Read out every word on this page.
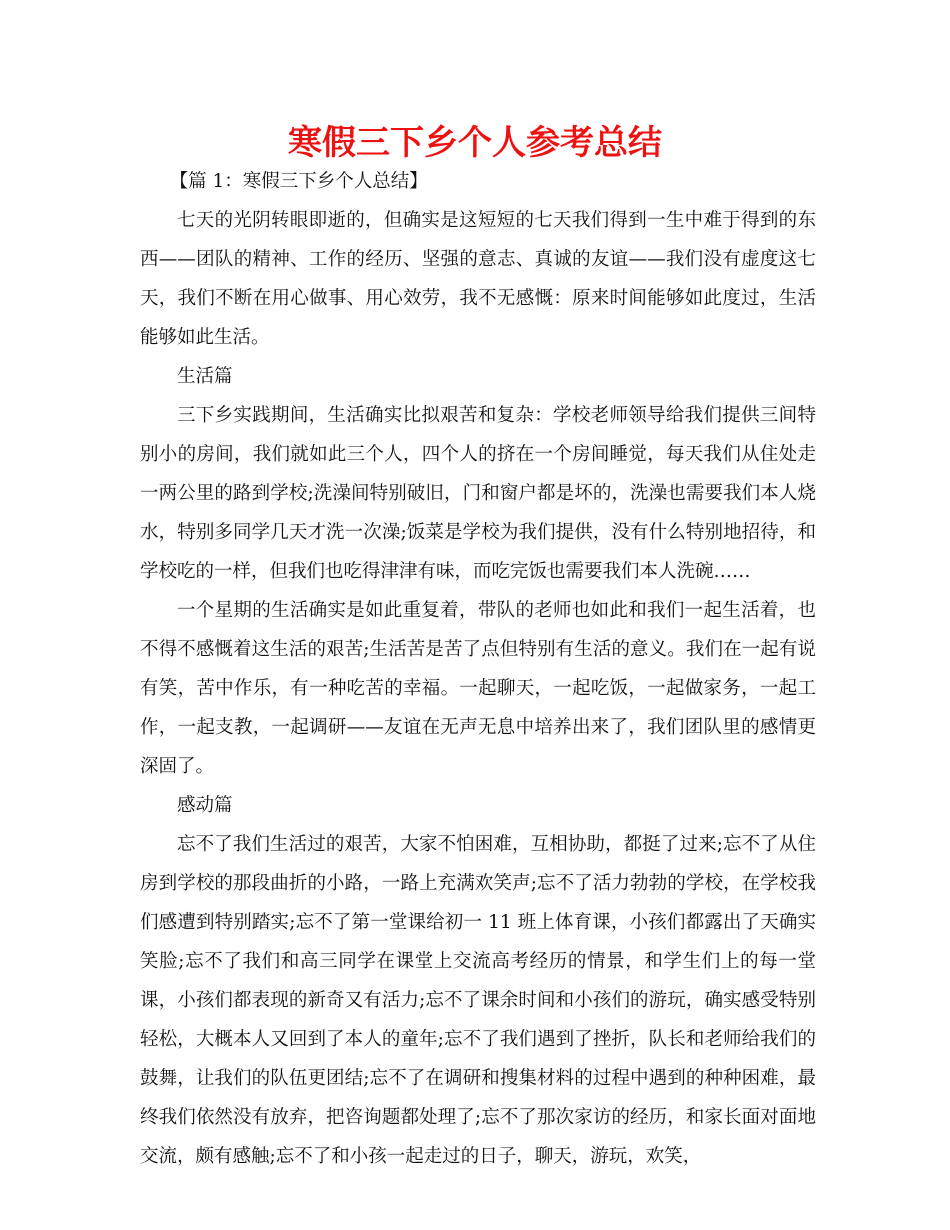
寒假三下乡个人参考总结

【篇 1：寒假三下乡个人总结】

七天的光阴转眼即逝的，但确实是这短短的七天我们得到一生中难于得到的东西——团队的精神、工作的经历、坚强的意志、真诚的友谊——我们没有虚度这七天，我们不断在用心做事、用心效劳，我不无感慨：原来时间能够如此度过，生活能够如此生活。

生活篇

三下乡实践期间，生活确实比拟艰苦和复杂：学校老师领导给我们提供三间特别小的房间，我们就如此三个人，四个人的挤在一个房间睡觉，每天我们从住处走一两公里的路到学校;洗澡间特别破旧，门和窗户都是坏的，洗澡也需要我们本人烧水，特别多同学几天才洗一次澡;饭菜是学校为我们提供，没有什么特别地招待，和学校吃的一样，但我们也吃得津津有味，而吃完饭也需要我们本人洗碗……

一个星期的生活确实是如此重复着，带队的老师也如此和我们一起生活着，也不得不感慨着这生活的艰苦;生活苦是苦了点但特别有生活的意义。我们在一起有说有笑，苦中作乐，有一种吃苦的幸福。一起聊天，一起吃饭，一起做家务，一起工作，一起支教，一起调研——友谊在无声无息中培养出来了，我们团队里的感情更深固了。

感动篇

忘不了我们生活过的艰苦，大家不怕困难，互相协助，都挺了过来;忘不了从住房到学校的那段曲折的小路，一路上充满欢笑声;忘不了活力勃勃的学校，在学校我们感遭到特别踏实;忘不了第一堂课给初一 11 班上体育课，小孩们都露出了天确实笑脸;忘不了我们和高三同学在课堂上交流高考经历的情景，和学生们上的每一堂课，小孩们都表现的新奇又有活力;忘不了课余时间和小孩们的游玩，确实感受特别轻松，大概本人又回到了本人的童年;忘不了我们遇到了挫折，队长和老师给我们的鼓舞，让我们的队伍更团结;忘不了在调研和搜集材料的过程中遇到的种种困难，最终我们依然没有放弃，把咨询题都处理了;忘不了那次家访的经历，和家长面对面地交流，颇有感触;忘不了和小孩一起走过的日子，聊天，游玩，欢笑，
